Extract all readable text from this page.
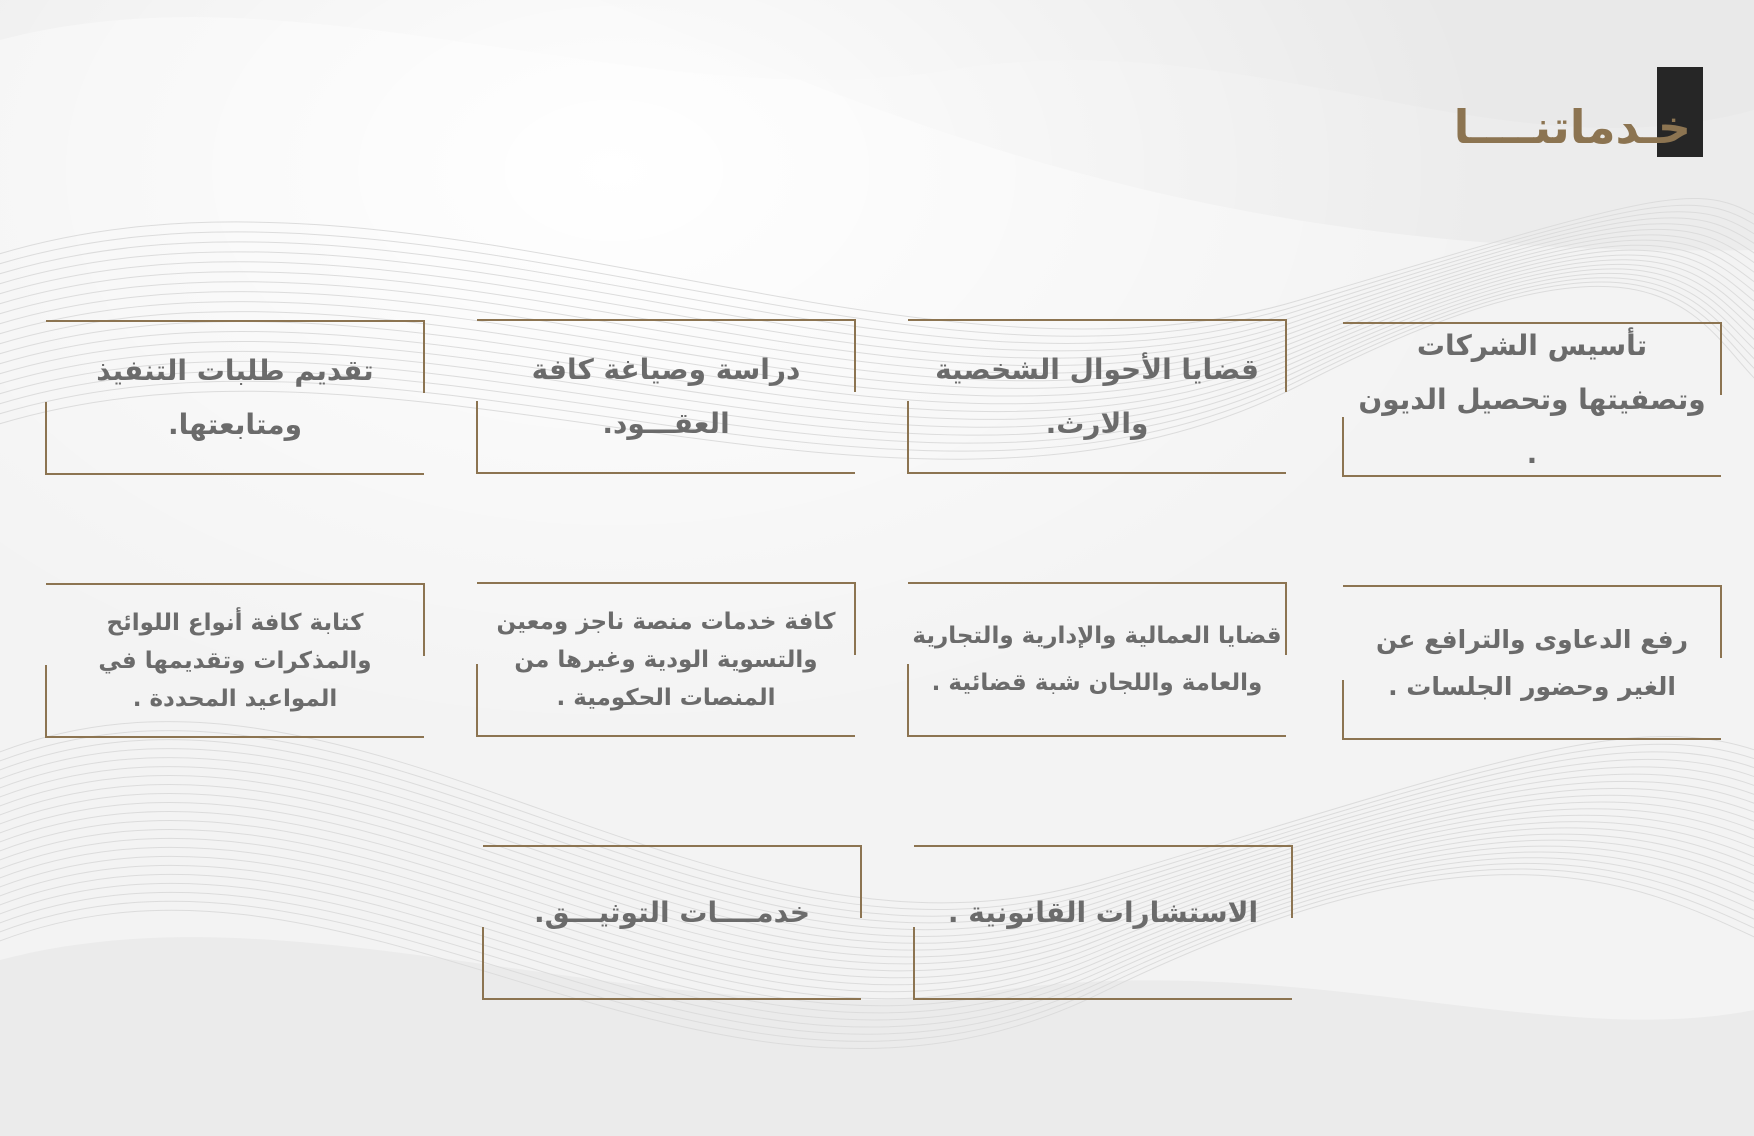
خـدماتنــــا
تأسيس الشركات وتصفيتها وتحصيل الديون .
قضايا الأحوال الشخصية والارث.
دراسة وصياغة كافة العقـــود.
تقديم طلبات التنفيذ ومتابعتها.
رفع الدعاوى والترافع عن الغير وحضور الجلسات .
قضايا العمالية والإدارية والتجارية والعامة واللجان شبة قضائية .
كافة خدمات منصة ناجز ومعين والتسوية الودية وغيرها من المنصات الحكومية .
كتابة كافة أنواع اللوائح والمذكرات وتقديمها في المواعيد المحددة .
الاستشارات القانونية .
خدمــــات التوثيـــق.
